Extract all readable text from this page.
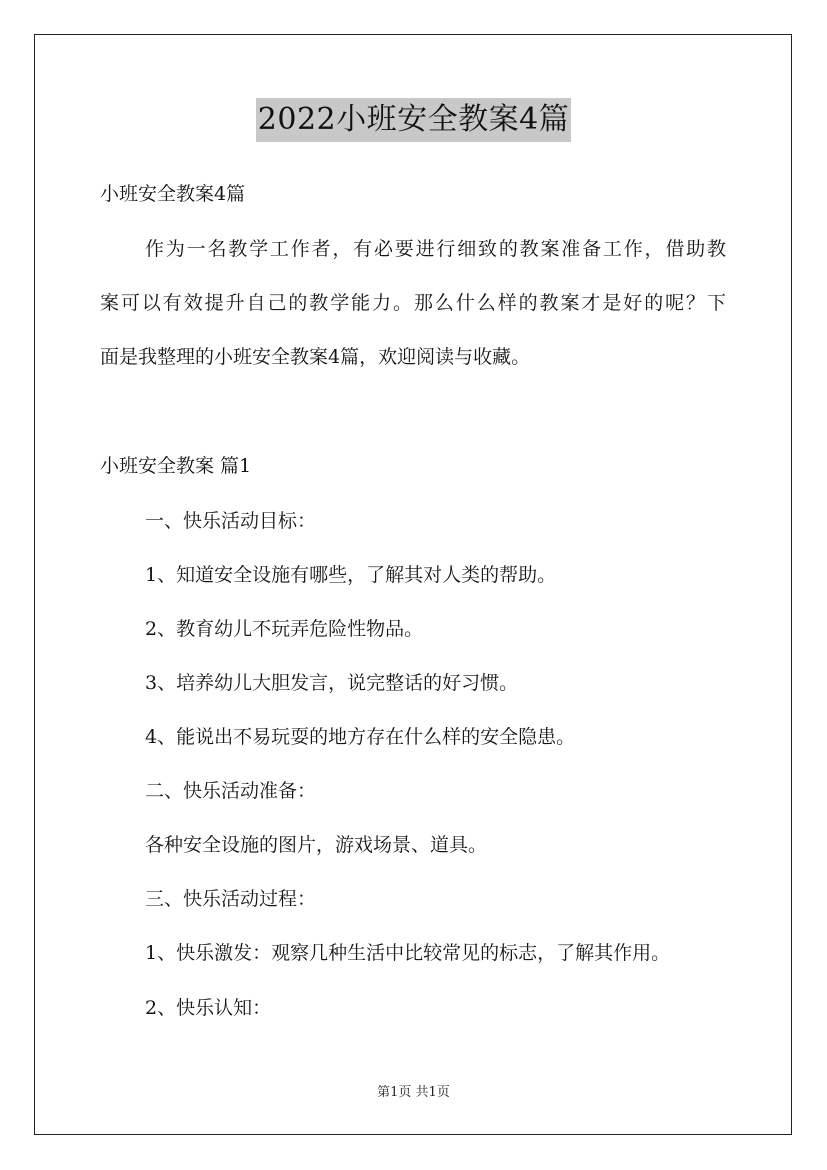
2022小班安全教案4篇
小班安全教案4篇
作为一名教学工作者，有必要进行细致的教案准备工作，借助教
案可以有效提升自己的教学能力。那么什么样的教案才是好的呢？下
面是我整理的小班安全教案4篇，欢迎阅读与收藏。
小班安全教案 篇1
一、快乐活动目标：
1、知道安全设施有哪些，了解其对人类的帮助。
2、教育幼儿不玩弄危险性物品。
3、培养幼儿大胆发言，说完整话的好习惯。
4、能说出不易玩耍的地方存在什么样的安全隐患。
二、快乐活动准备：
各种安全设施的图片，游戏场景、道具。
三、快乐活动过程：
1、快乐激发：观察几种生活中比较常见的标志，了解其作用。
2、快乐认知：
第1页 共1页
